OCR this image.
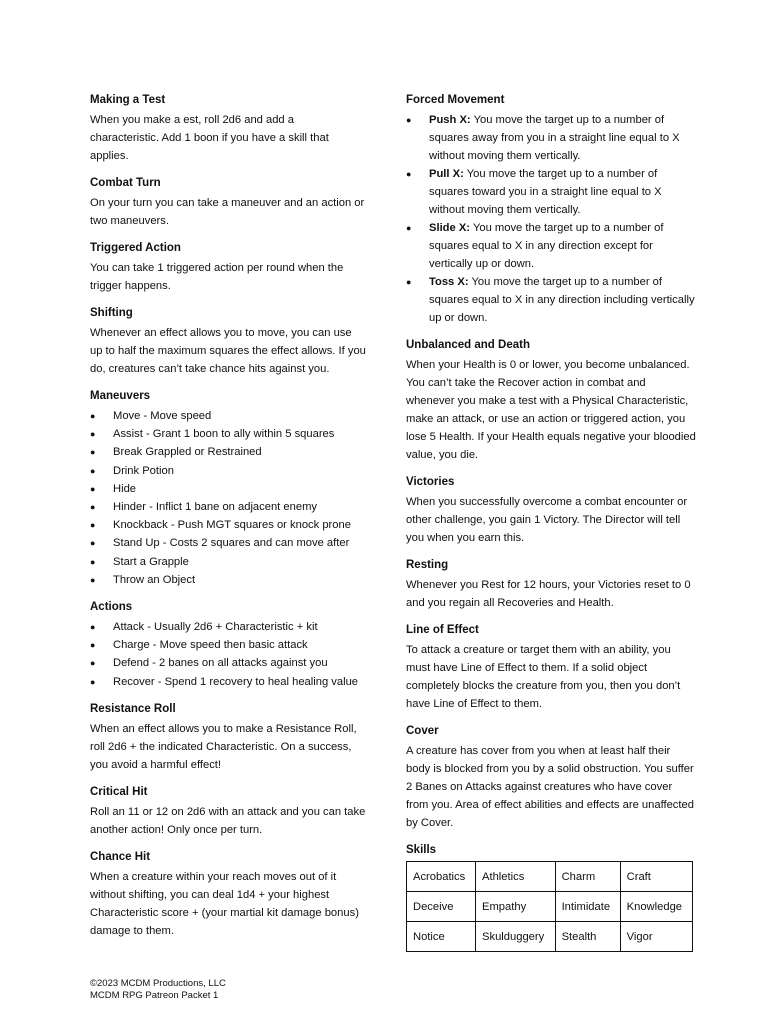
Making a Test

When you make a est, roll 2d6 and add a characteristic. Add 1 boon if you have a skill that applies.

Combat Turn

On your turn you can take a maneuver and an action or two maneuvers.

Triggered Action

You can take 1 triggered action per round when the trigger happens.

Shifting

Whenever an effect allows you to move, you can use up to half the maximum squares the effect allows. If you do, creatures can’t take chance hits against you.

Maneuvers
● Move - Move speed
● Assist - Grant 1 boon to ally within 5 squares
● Break Grappled or Restrained
● Drink Potion
● Hide
● Hinder - Inflict 1 bane on adjacent enemy
● Knockback - Push MGT squares or knock prone
● Stand Up - Costs 2 squares and can move after
● Start a Grapple
● Throw an Object
Actions
● Attack - Usually 2d6 + Characteristic + kit
● Charge - Move speed then basic attack
● Defend - 2 banes on all attacks against you
● Recover - Spend 1 recovery to heal healing value
Resistance Roll

When an effect allows you to make a Resistance Roll, roll 2d6 + the indicated Characteristic. On a success, you avoid a harmful effect!

Critical Hit

Roll an 11 or 12 on 2d6 with an attack and you can take another action! Only once per turn.

Chance Hit

When a creature within your reach moves out of it without shifting, you can deal 1d4 + your highest Characteristic score + (your martial kit damage bonus) damage to them.

Forced Movement
● Push X: You move the target up to a number of squares away from you in a straight line equal to X without moving them vertically.
● Pull X: You move the target up to a number of squares toward you in a straight line equal to X without moving them vertically.
● Slide X: You move the target up to a number of squares equal to X in any direction except for vertically up or down.
● Toss X: You move the target up to a number of squares equal to X in any direction including vertically up or down.
Unbalanced and Death

When your Health is 0 or lower, you become unbalanced. You can’t take the Recover action in combat and whenever you make a test with a Physical Characteristic, make an attack, or use an action or triggered action, you lose 5 Health. If your Health equals negative your bloodied value, you die.

Victories

When you successfully overcome a combat encounter or other challenge, you gain 1 Victory. The Director will tell you when you earn this.

Resting

Whenever you Rest for 12 hours, your Victories reset to 0 and you regain all Recoveries and Health.

Line of Effect

To attack a creature or target them with an ability, you must have Line of Effect to them. If a solid object completely blocks the creature from you, then you don’t have Line of Effect to them.

Cover

A creature has cover from you when at least half their body is blocked from you by a solid obstruction. You suffer 2 Banes on Attacks against creatures who have cover from you. Area of effect abilities and effects are unaffected by Cover.

Skills
Acrobatics	Athletics	Charm	Craft
Deceive	Empathy	Intimidate	Knowledge
Notice	Skulduggery	Stealth	Vigor
©2023 MCDM Productions, LLC
MCDM RPG Patreon Packet 1
